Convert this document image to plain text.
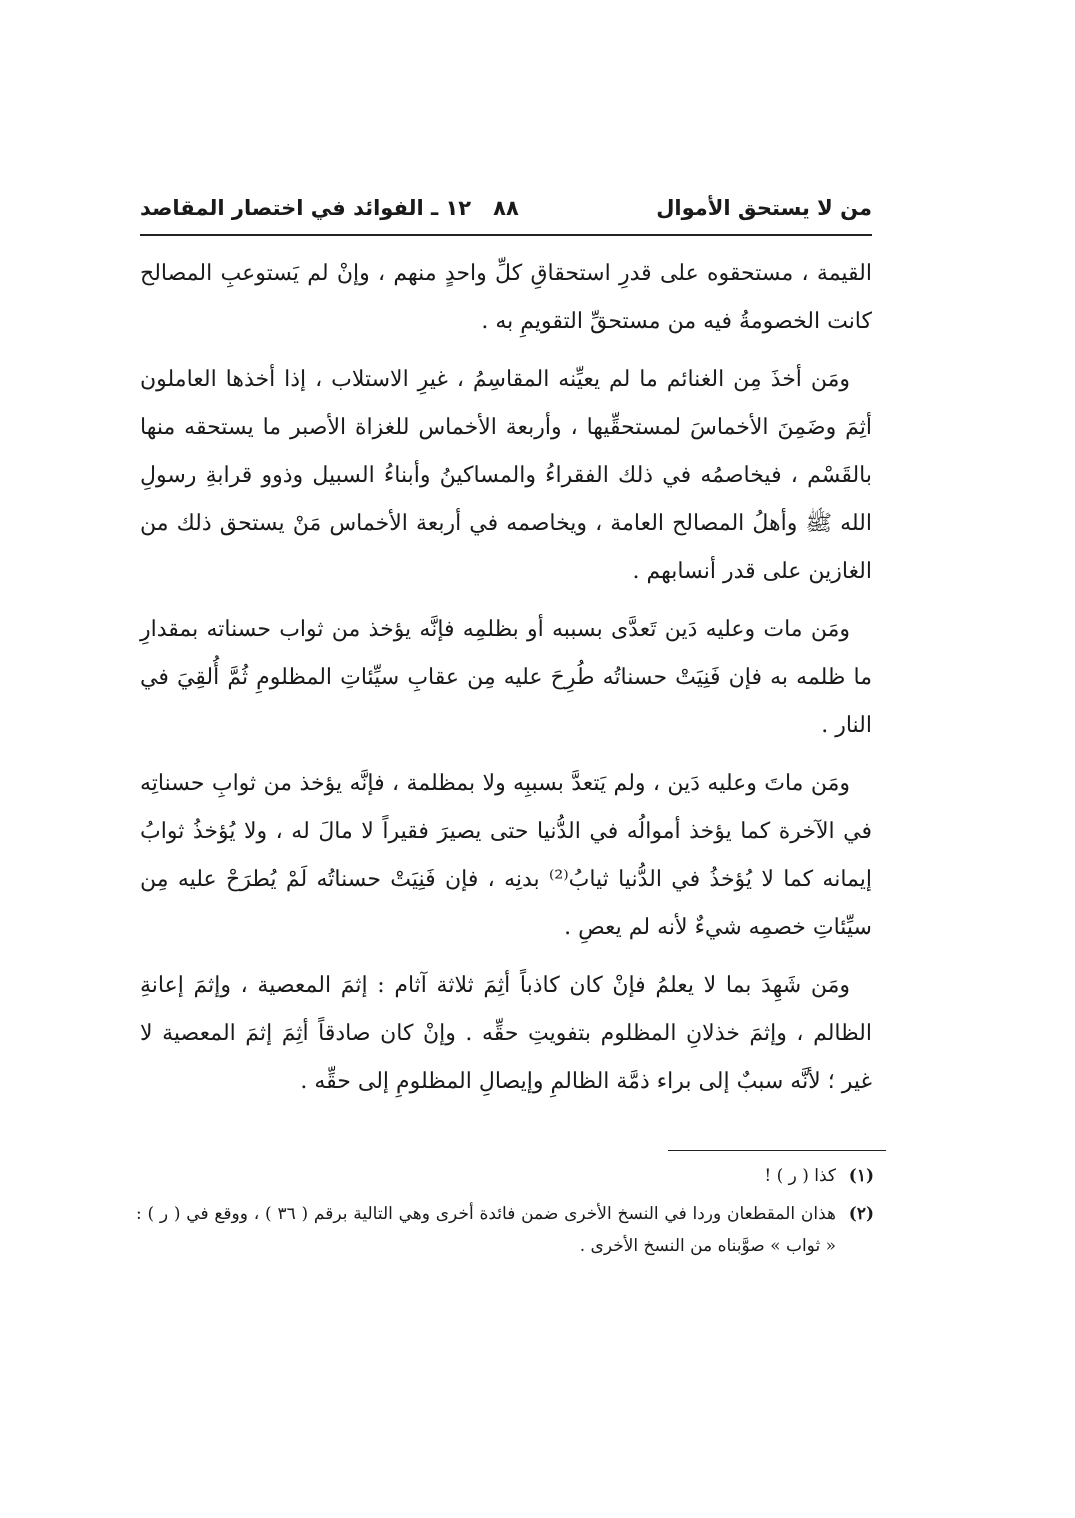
من لا يستحق الأموال
٨٨
١٢ ـ الفوائد في اختصار المقاصد

القيمة ، مستحقوه على قدرِ استحقاقِ كلِّ واحدٍ منهم ، وإنْ لم يَستوعبِ المصالح كانت الخصومةُ فيه من مستحقِّ التقويمِ به .

ومَن أخذَ مِن الغنائم ما لم يعيِّنه المقاسِمُ ، غيرِ الاستلاب ، إذا أخذها العاملون أثِمَ وضَمِنَ الأخماسَ لمستحقِّيها ، وأربعة الأخماس للغزاة الأصبر ما يستحقه منها بالقَسْم ، فيخاصمُه في ذلك الفقراءُ والمساكينُ وأبناءُ السبيل وذوو قرابةِ رسولِ الله ﷺ وأهلُ المصالح العامة ، ويخاصمه في أربعة الأخماس مَنْ يستحق ذلك من الغازين على قدر أنسابهم .

ومَن مات وعليه دَين تَعدَّى بسببه أو بظلمِه فإنَّه يؤخذ من ثواب حسناته بمقدارِ ما ظلمه به فإن فَنِيَتْ حسناتُه طُرِحَ عليه مِن عقابِ سيِّئاتِ المظلومِ ثُمَّ أُلقِيَ في النار .

ومَن ماتَ وعليه دَين ، ولم يَتعدَّ بسببِه ولا بمظلمة ، فإنَّه يؤخذ من ثوابِ حسناتِه في الآخرة كما يؤخذ أموالُه في الدُّنيا حتى يصيرَ فقيراً لا مالَ له ، ولا يُؤخذُ ثوابُ إيمانه كما لا يُؤخذُ في الدُّنيا ثيابُ⁽²⁾ بدنِه ، فإن فَنِيَتْ حسناتُه لَمْ يُطرَحْ عليه مِن سيِّئاتِ خصمِه شيءٌ لأنه لم يعصِ .

ومَن شَهِدَ بما لا يعلمُ فإنْ كان كاذباً أثِمَ ثلاثة آثام : إثمَ المعصية ، وإثمَ إعانةِ الظالم ، وإثمَ خذلانِ المظلوم بتفويتِ حقِّه . وإنْ كان صادقاً أثِمَ إثمَ المعصية لا غير ؛ لأنَّه سببٌ إلى براء ذمَّة الظالمِ وإيصالِ المظلومِ إلى حقِّه .

(١)
كذا ( ر ) !
(٢)
هذان المقطعان وردا في النسخ الأخرى ضمن فائدة أخرى وهي التالية برقم ( ٣٦ ) ، ووقع في ( ر ) : « ثواب » صوَّبناه من النسخ الأخرى .
